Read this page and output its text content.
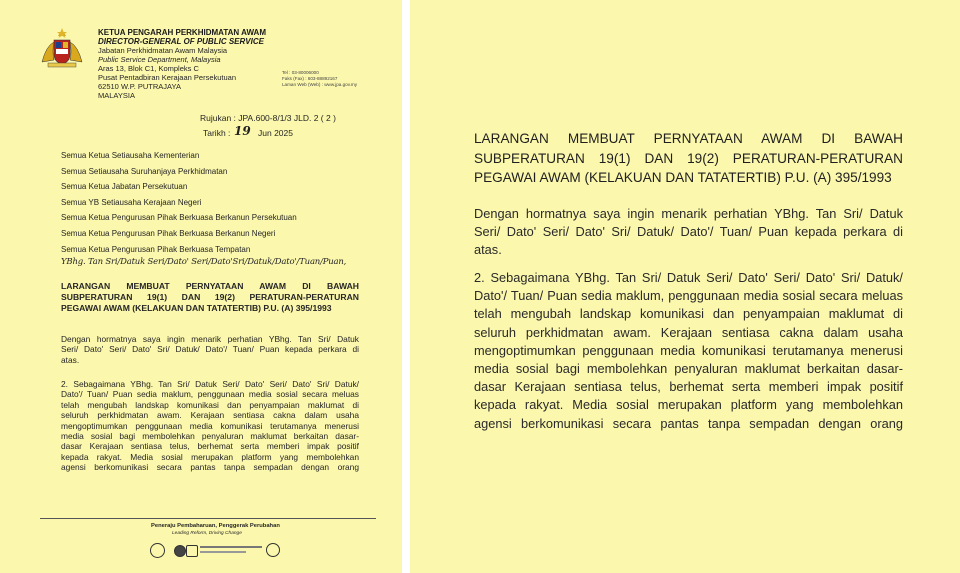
KETUA PENGARAH PERKHIDMATAN AWAM
DIRECTOR-GENERAL OF PUBLIC SERVICE
Jabatan Perkhidmatan Awam Malaysia
Public Service Department, Malaysia
Aras 13, Blok C1, Kompleks C
Pusat Pentadbiran Kerajaan Persekutuan
62510 W.P. PUTRAJAYA
MALAYSIA
Tel : 03-80006000
Faks (Fax) : 603-88892167
Laman Web (Web) : www.jpa.gov.my
Rujukan : JPA.600-8/1/3 JLD. 2 ( 2 )
Tarikh : 19 Jun 2025
Semua Ketua Setiausaha Kementerian
Semua Setiausaha Suruhanjaya Perkhidmatan
Semua Ketua Jabatan Persekutuan
Semua YB Setiausaha Kerajaan Negeri
Semua Ketua Pengurusan Pihak Berkuasa Berkanun Persekutuan
Semua Ketua Pengurusan Pihak Berkuasa Berkanun Negeri
Semua Ketua Pengurusan Pihak Berkuasa Tempatan
YBhg. Tan Sri/Datuk Seri/Dato' Seri/Dato'Sri/Datuk/Dato'/Tuan/Puan,
LARANGAN MEMBUAT PERNYATAAN AWAM DI BAWAH
SUBPERATURAN 19(1) DAN 19(2) PERATURAN-PERATURAN
PEGAWAI AWAM (KELAKUAN DAN TATATERTIB) P.U. (A) 395/1993
Dengan hormatnya saya ingin menarik perhatian YBhg. Tan Sri/ Datuk
Seri/ Dato' Seri/ Dato' Sri/ Datuk/ Dato'/ Tuan/ Puan kepada perkara di
atas.
2. Sebagaimana YBhg. Tan Sri/ Datuk Seri/ Dato' Seri/ Dato' Sri/ Datuk/
Dato'/ Tuan/ Puan sedia maklum, penggunaan media sosial secara meluas
telah mengubah landskap komunikasi dan penyampaian maklumat di
seluruh perkhidmatan awam. Kerajaan sentiasa cakna dalam usaha
mengoptimumkan penggunaan media komunikasi terutamanya menerusi
media sosial bagi membolehkan penyaluran maklumat berkaitan dasar-
dasar Kerajaan sentiasa telus, berhemat serta memberi impak positif
kepada rakyat. Media sosial merupakan platform yang membolehkan
agensi berkomunikasi secara pantas tanpa sempadan dengan orang
Peneraju Pembaharuan, Penggerak Perubahan
Leading Reform, Driving Change
LARANGAN MEMBUAT PERNYATAAN AWAM DI BAWAH
SUBPERATURAN 19(1) DAN 19(2) PERATURAN-PERATURAN
PEGAWAI AWAM (KELAKUAN DAN TATATERTIB) P.U. (A) 395/1993
Dengan hormatnya saya ingin menarik perhatian YBhg. Tan Sri/ Datuk
Seri/ Dato' Seri/ Dato' Sri/ Datuk/ Dato'/ Tuan/ Puan kepada perkara di
atas.
2. Sebagaimana YBhg. Tan Sri/ Datuk Seri/ Dato' Seri/ Dato' Sri/ Datuk/
Dato'/ Tuan/ Puan sedia maklum, penggunaan media sosial secara meluas
telah mengubah landskap komunikasi dan penyampaian maklumat di
seluruh perkhidmatan awam. Kerajaan sentiasa cakna dalam usaha
mengoptimumkan penggunaan media komunikasi terutamanya menerusi
media sosial bagi membolehkan penyaluran maklumat berkaitan dasar-
dasar Kerajaan sentiasa telus, berhemat serta memberi impak positif
kepada rakyat. Media sosial merupakan platform yang membolehkan
agensi berkomunikasi secara pantas tanpa sempadan dengan orang
